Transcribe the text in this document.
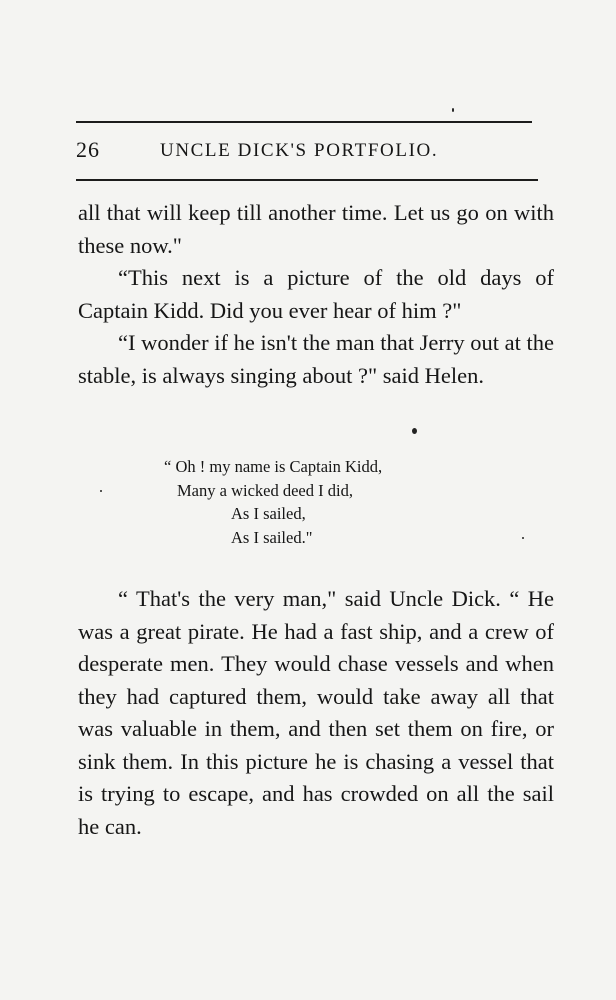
26	UNCLE DICK'S PORTFOLIO.

all that will keep till another time. Let us go on with these now."

“This next is a picture of the old days of Captain Kidd. Did you ever hear of him ?"

“I wonder if he isn't the man that Jerry out at the stable, is always singing about ?" said Helen.

“ Oh ! my name is Captain Kidd,
Many a wicked deed I did,
As I sailed,
As I sailed."

“ That's the very man," said Uncle Dick. “ He was a great pirate. He had a fast ship, and a crew of desperate men. They would chase vessels and when they had captured them, would take away all that was valuable in them, and then set them on fire, or sink them. In this picture he is chasing a vessel that is trying to escape, and has crowded on all the sail he can.
